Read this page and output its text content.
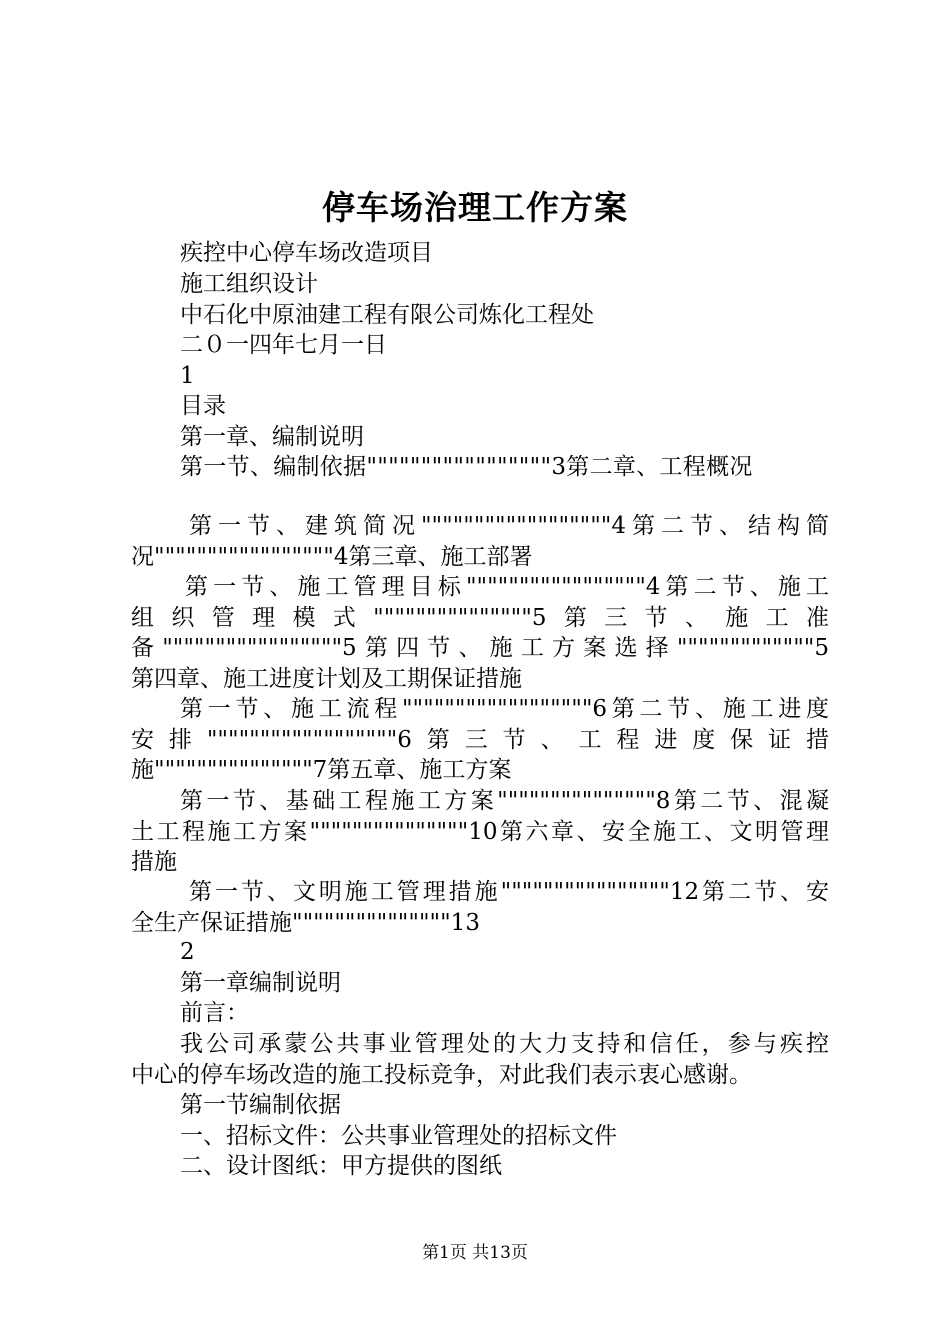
停车场治理工作方案

疾控中心停车场改造项目

施工组织设计

中石化中原油建工程有限公司炼化工程处

二０一四年七月一日

1

目录

第一章、编制说明

第一节、编制依据"""""""""""""""""3第二章、工程概况

第一节、建筑简况""""""""""""""""""4第二节、结构简
况"""""""""""""""""4第三章、施工部署
第一节、施工管理目标"""""""""""""""""4第二节、施工
组织管理模式"""""""""""""""5第三节、施工准
备"""""""""""""""""5第四节、施工方案选择"""""""""""""5
第四章、施工进度计划及工期保证措施
第一节、施工流程""""""""""""""""""6第二节、施工进度
安排""""""""""""""""""6第三节、工程进度保证措
施"""""""""""""""7第五章、施工方案
第一节、基础工程施工方案"""""""""""""""8第二节、混凝
土工程施工方案"""""""""""""""10第六章、安全施工、文明管理
措施
第一节、文明施工管理措施""""""""""""""""12第二节、安
全生产保证措施"""""""""""""""13

2

第一章编制说明

前言：

我公司承蒙公共事业管理处的大力支持和信任，参与疾控
中心的停车场改造的施工投标竞争，对此我们表示衷心感谢。

第一节编制依据

一、招标文件：公共事业管理处的招标文件

二、设计图纸：甲方提供的图纸

第1页 共13页
